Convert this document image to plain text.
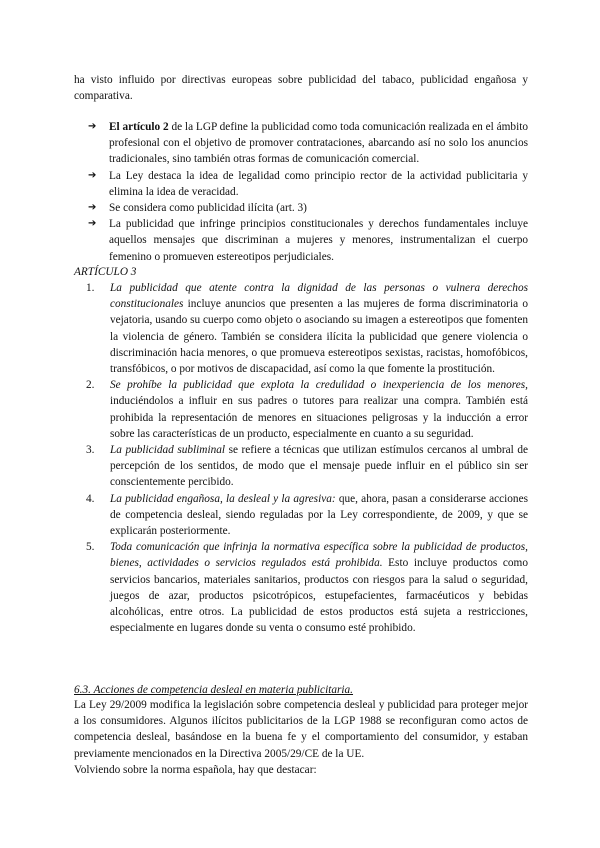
ha visto influido por directivas europeas sobre publicidad del tabaco, publicidad engañosa y comparativa.

➔ El artículo 2 de la LGP define la publicidad como toda comunicación realizada en el ámbito profesional con el objetivo de promover contrataciones, abarcando así no solo los anuncios tradicionales, sino también otras formas de comunicación comercial.
➔ La Ley destaca la idea de legalidad como principio rector de la actividad publicitaria y elimina la idea de veracidad.
➔ Se considera como publicidad ilícita (art. 3)
➔ La publicidad que infringe principios constitucionales y derechos fundamentales incluye aquellos mensajes que discriminan a mujeres y menores, instrumentalizan el cuerpo femenino o promueven estereotipos perjudiciales.

ARTÍCULO 3

1. La publicidad que atente contra la dignidad de las personas o vulnera derechos constitucionales incluye anuncios que presenten a las mujeres de forma discriminatoria o vejatoria, usando su cuerpo como objeto o asociando su imagen a estereotipos que fomenten la violencia de género. También se considera ilícita la publicidad que genere violencia o discriminación hacia menores, o que promueva estereotipos sexistas, racistas, homofóbicos, transfóbicos, o por motivos de discapacidad, así como la que fomente la prostitución.
2. Se prohíbe la publicidad que explota la credulidad o inexperiencia de los menores, induciéndolos a influir en sus padres o tutores para realizar una compra. También está prohibida la representación de menores en situaciones peligrosas y la inducción a error sobre las características de un producto, especialmente en cuanto a su seguridad.
3. La publicidad subliminal se refiere a técnicas que utilizan estímulos cercanos al umbral de percepción de los sentidos, de modo que el mensaje puede influir en el público sin ser conscientemente percibido.
4. La publicidad engañosa, la desleal y la agresiva: que, ahora, pasan a considerarse acciones de competencia desleal, siendo reguladas por la Ley correspondiente, de 2009, y que se explicarán posteriormente.
5. Toda comunicación que infrinja la normativa específica sobre la publicidad de productos, bienes, actividades o servicios regulados está prohibida. Esto incluye productos como servicios bancarios, materiales sanitarios, productos con riesgos para la salud o seguridad, juegos de azar, productos psicotrópicos, estupefacientes, farmacéuticos y bebidas alcohólicas, entre otros. La publicidad de estos productos está sujeta a restricciones, especialmente en lugares donde su venta o consumo esté prohibido.

6.3. Acciones de competencia desleal en materia publicitaria.

La Ley 29/2009 modifica la legislación sobre competencia desleal y publicidad para proteger mejor a los consumidores. Algunos ilícitos publicitarios de la LGP 1988 se reconfiguran como actos de competencia desleal, basándose en la buena fe y el comportamiento del consumidor, y estaban previamente mencionados en la Directiva 2005/29/CE de la UE.

Volviendo sobre la norma española, hay que destacar:
